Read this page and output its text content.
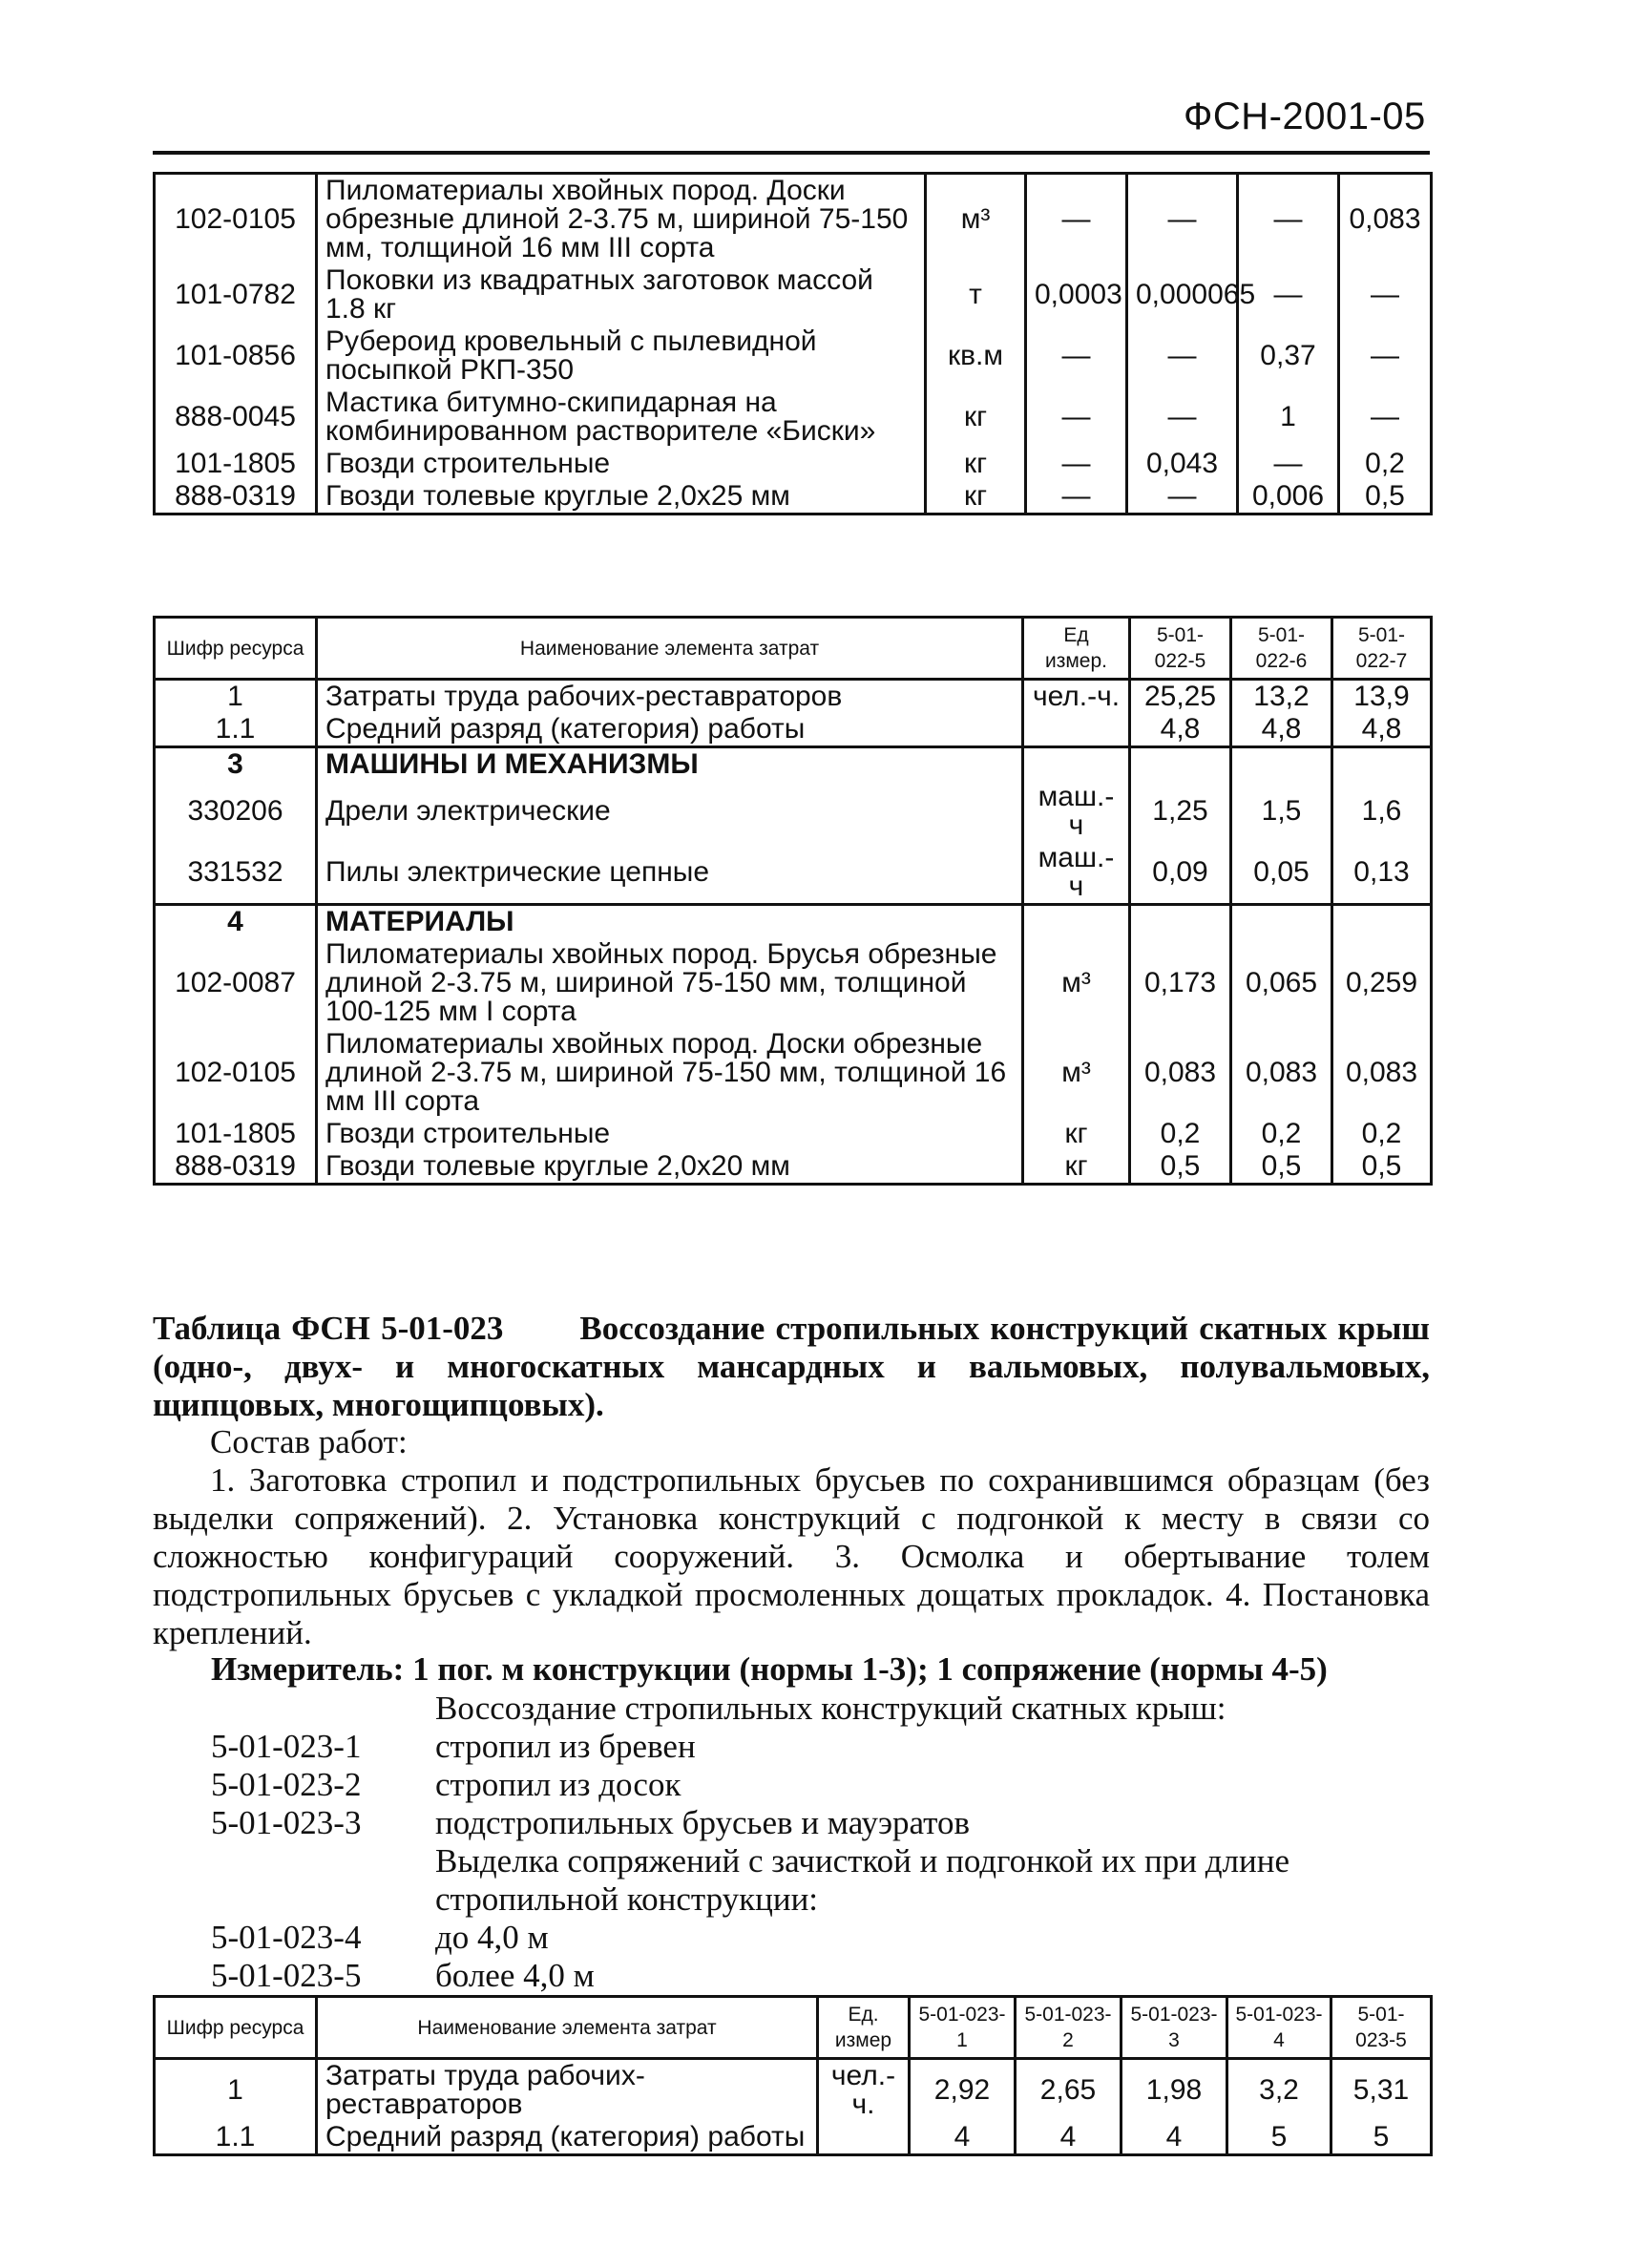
ФСН-2001-05
102-0105	Пиломатериалы хвойных пород. Доски обрезные длиной 2-3.75 м, шириной 75-150 мм, толщиной 16 мм III сорта	м³	—	—	—	0,083
101-0782	Поковки из квадратных заготовок массой 1.8 кг	т	0,0003	0,000065	—	—
101-0856	Рубероид кровельный с пылевидной посыпкой РКП-350	кв.м	—	—	0,37	—
888-0045	Мастика битумно-скипидарная на комбинированном растворителе «Биски»	кг	—	—	1	—
101-1805	Гвозди строительные	кг	—	0,043	—	0,2
888-0319	Гвозди толевые круглые 2,0х25 мм	кг	—	—	0,006	0,5
Шифр ресурса	Наименование элемента затрат	Ед измер.	5-01-022-5	5-01-022-6	5-01-022-7
1	Затраты труда рабочих-реставраторов	чел.-ч.	25,25	13,2	13,9
1.1	Средний разряд (категория) работы		4,8	4,8	4,8
3	МАШИНЫ И МЕХАНИЗМЫ				
330206	Дрели электрические	маш.-ч	1,25	1,5	1,6
331532	Пилы электрические цепные	маш.-ч	0,09	0,05	0,13
4	МАТЕРИАЛЫ				
102-0087	Пиломатериалы хвойных пород. Брусья обрезные длиной 2-3.75 м, шириной 75-150 мм, толщиной 100-125 мм I сорта	м³	0,173	0,065	0,259
102-0105	Пиломатериалы хвойных пород. Доски обрезные длиной 2-3.75 м, шириной 75-150 мм, толщиной 16 мм III сорта	м³	0,083	0,083	0,083
101-1805	Гвозди строительные	кг	0,2	0,2	0,2
888-0319	Гвозди толевые круглые 2,0х20 мм	кг	0,5	0,5	0,5
Таблица ФСН 5-01-023 Воссоздание стропильных конструкций скатных крыш (одно-, двух- и многоскатных мансардных и вальмовых, полувальмовых, щипцовых, многощипцовых).

Состав работ:

1. Заготовка стропил и подстропильных брусьев по сохранившимся образцам (без выделки сопряжений). 2. Установка конструкций с подгонкой к месту в связи со сложностью конфигураций сооружений. 3. Осмолка и обертывание толем подстропильных брусьев с укладкой просмоленных дощатых прокладок. 4. Постановка креплений.

Измеритель: 1 пог. м конструкции (нормы 1-3); 1 сопряжение (нормы 4-5)
Воссоздание стропильных конструкций скатных крыш:
5-01-023-1	стропил из бревен
5-01-023-2	стропил из досок
5-01-023-3	подстропильных брусьев и мауэратов
Выделка сопряжений с зачисткой и подгонкой их при длине стропильной конструкции:
5-01-023-4	до 4,0 м
5-01-023-5	более 4,0 м
Шифр ресурса	Наименование элемента затрат	Ед. измер	5-01-023-1	5-01-023-2	5-01-023-3	5-01-023-4	5-01-023-5
1	Затраты труда рабочих-реставраторов	чел.-ч.	2,92	2,65	1,98	3,2	5,31
1.1	Средний разряд (категория) работы		4	4	4	5	5
